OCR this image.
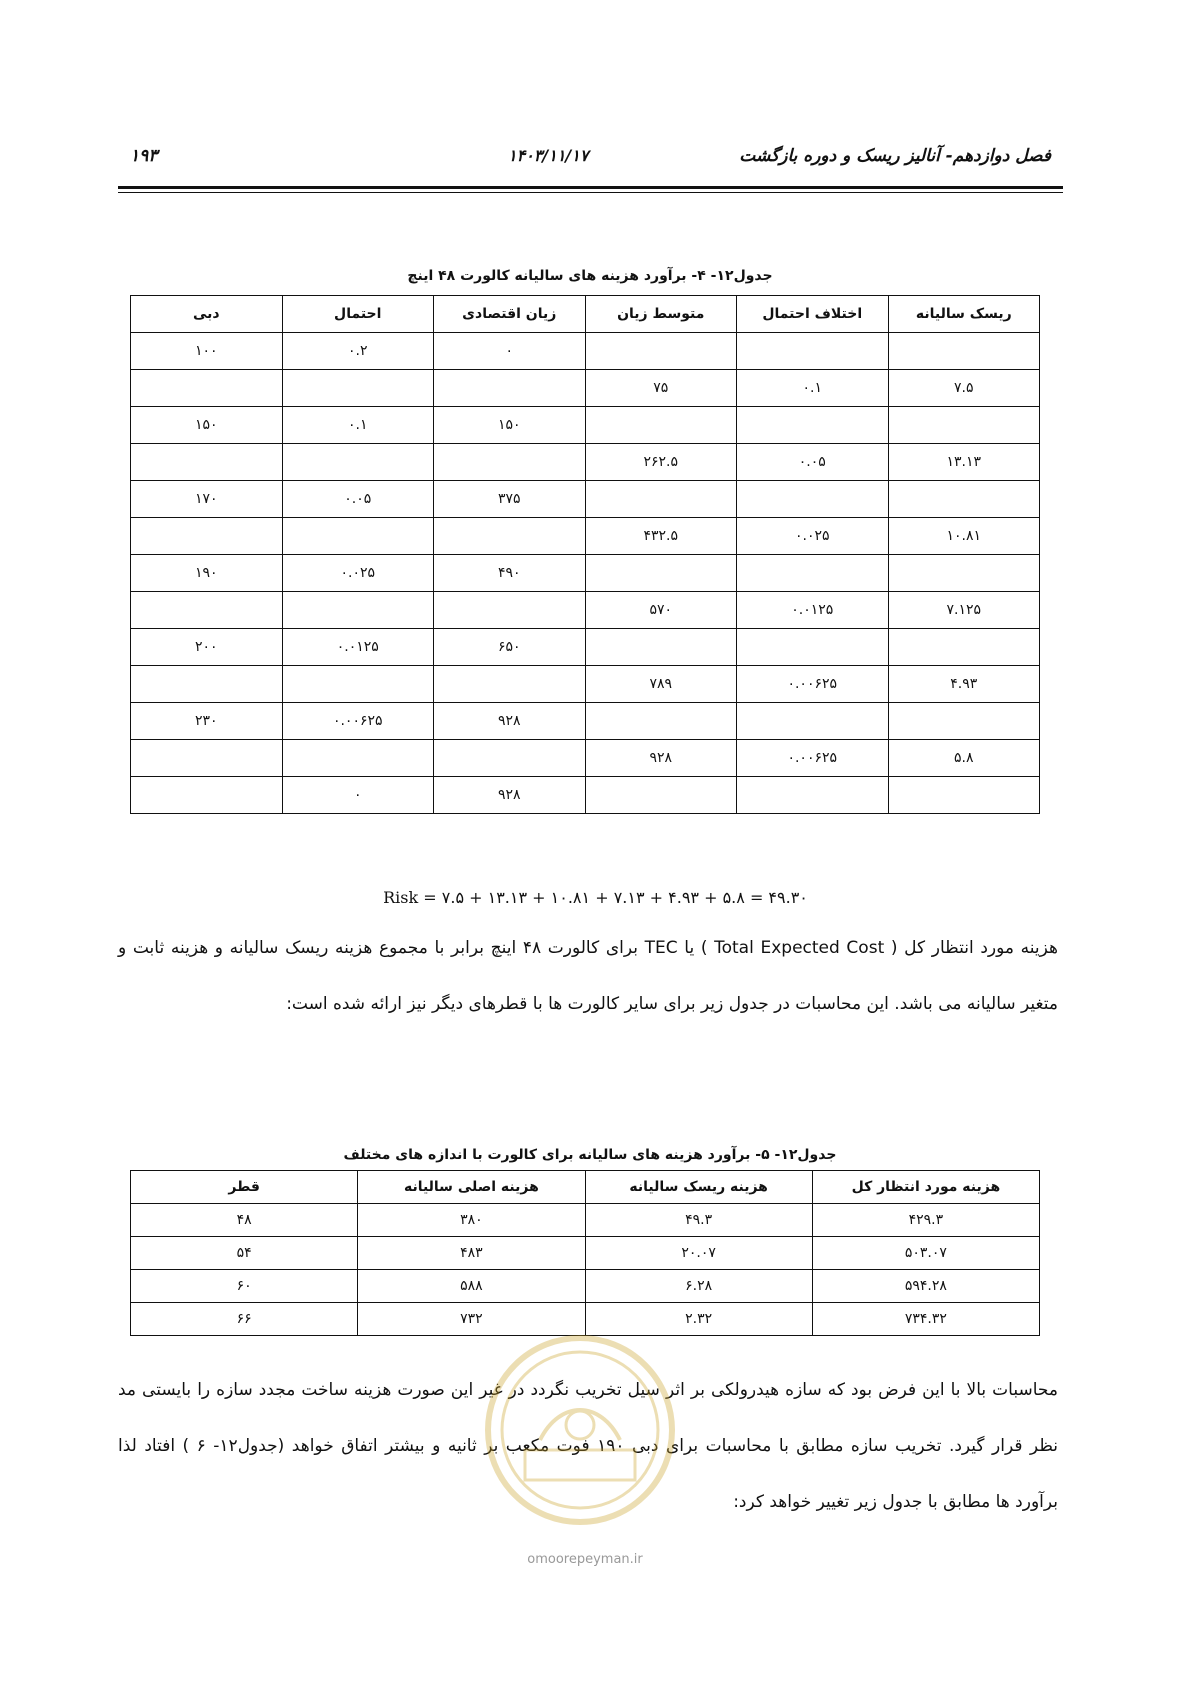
فصل دوازدهم- آنالیز ریسک و دوره بازگشت
۱۴۰۳/۱۱/۱۷
۱۹۳
جدول۱۲- ۴- برآورد هزینه های سالیانه کالورت ۴۸ اینچ
ریسک سالیانه	اختلاف احتمال	متوسط زیان	زیان اقتصادی	احتمال	دبی
			۰	۰.۲	۱۰۰
۷.۵	۰.۱	۷۵			
			۱۵۰	۰.۱	۱۵۰
۱۳.۱۳	۰.۰۵	۲۶۲.۵			
			۳۷۵	۰.۰۵	۱۷۰
۱۰.۸۱	۰.۰۲۵	۴۳۲.۵			
			۴۹۰	۰.۰۲۵	۱۹۰
۷.۱۲۵	۰.۰۱۲۵	۵۷۰			
			۶۵۰	۰.۰۱۲۵	۲۰۰
۴.۹۳	۰.۰۰۶۲۵	۷۸۹			
			۹۲۸	۰.۰۰۶۲۵	۲۳۰
۵.۸	۰.۰۰۶۲۵	۹۲۸			
			۹۲۸	۰	
Risk = ۷.۵ + ۱۳.۱۳ + ۱۰.۸۱ + ۷.۱۳ + ۴.۹۳ + ۵.۸ = ۴۹.۳۰
هزینه مورد انتظار کل ( Total Expected Cost ) یا TEC برای کالورت ۴۸ اینچ برابر با مجموع هزینه ریسک سالیانه و هزینه ثابت و متغیر سالیانه می باشد. این محاسبات در جدول زیر برای سایر کالورت ها با قطرهای دیگر نیز ارائه شده است:
جدول۱۲- ۵- برآورد هزینه های سالیانه برای کالورت با اندازه های مختلف
هزینه مورد انتظار کل	هزینه ریسک سالیانه	هزینه اصلی سالیانه	قطر
۴۲۹.۳	۴۹.۳	۳۸۰	۴۸
۵۰۳.۰۷	۲۰.۰۷	۴۸۳	۵۴
۵۹۴.۲۸	۶.۲۸	۵۸۸	۶۰
۷۳۴.۳۲	۲.۳۲	۷۳۲	۶۶
محاسبات بالا با این فرض بود که سازه هیدرولکی بر اثر سیل تخریب نگردد در غیر این صورت هزینه ساخت مجدد سازه را بایستی مد نظر قرار گیرد. تخریب سازه مطابق با محاسبات برای دبی ۱۹۰ فوت مکعب بر ثانیه و بیشتر اتفاق خواهد (جدول۱۲- ۶ ) افتاد لذا برآورد ها مطابق با جدول زیر تغییر خواهد کرد:
omoorepeyman.ir
